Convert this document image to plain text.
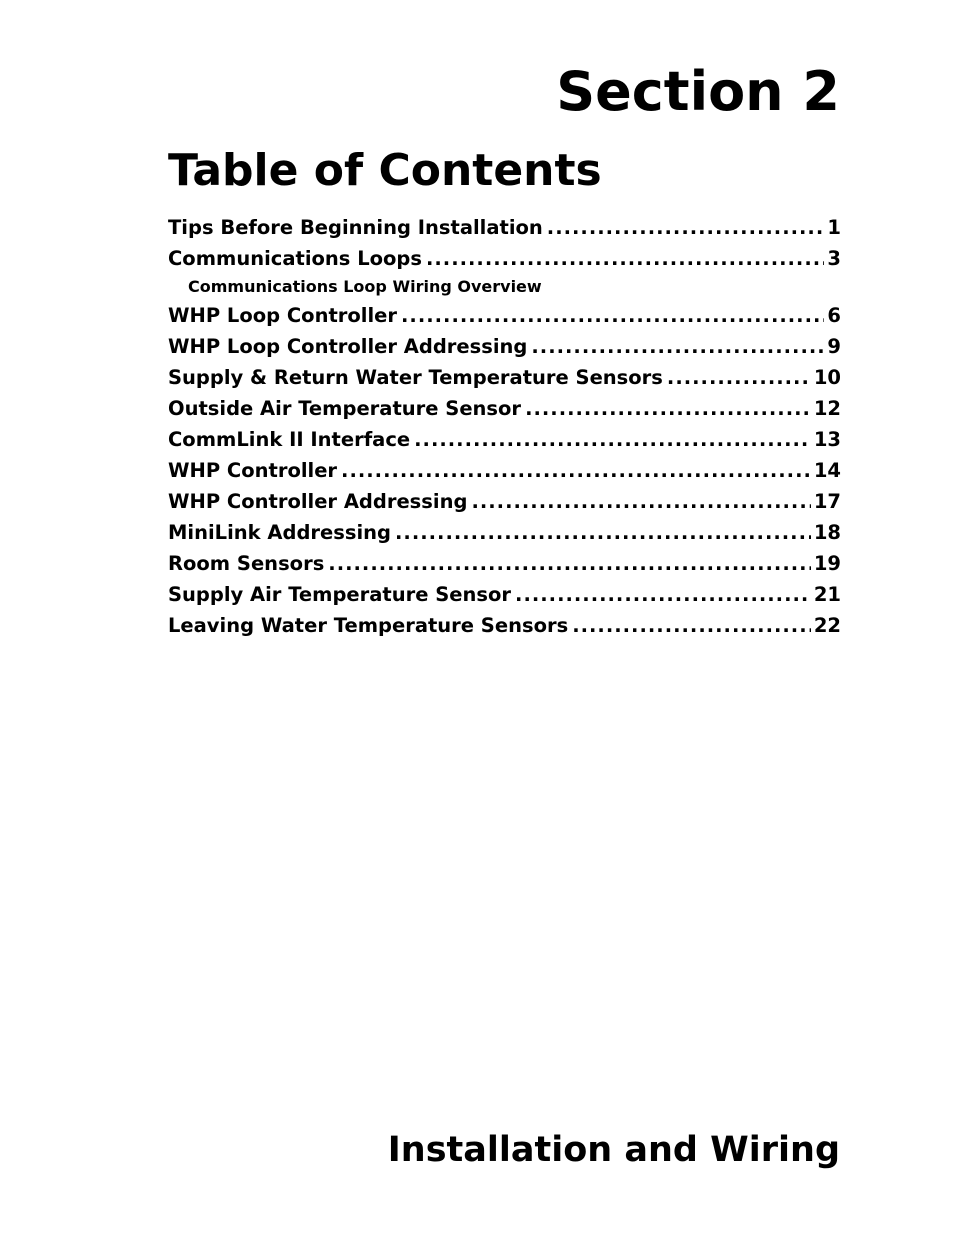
Section 2
Table of Contents
Tips Before Beginning Installation .....	1
Communications Loops .....	3
Communications Loop Wiring Overview
WHP Loop Controller .....	6
WHP Loop Controller Addressing .....	9
Supply & Return Water Temperature Sensors .....	10
Outside Air Temperature Sensor .....	12
CommLink II Interface .....	13
WHP Controller .....	14
WHP Controller Addressing .....	17
MiniLink Addressing .....	18
Room Sensors .....	19
Supply Air Temperature Sensor .....	21
Leaving Water Temperature Sensors .....	22
Installation and Wiring
